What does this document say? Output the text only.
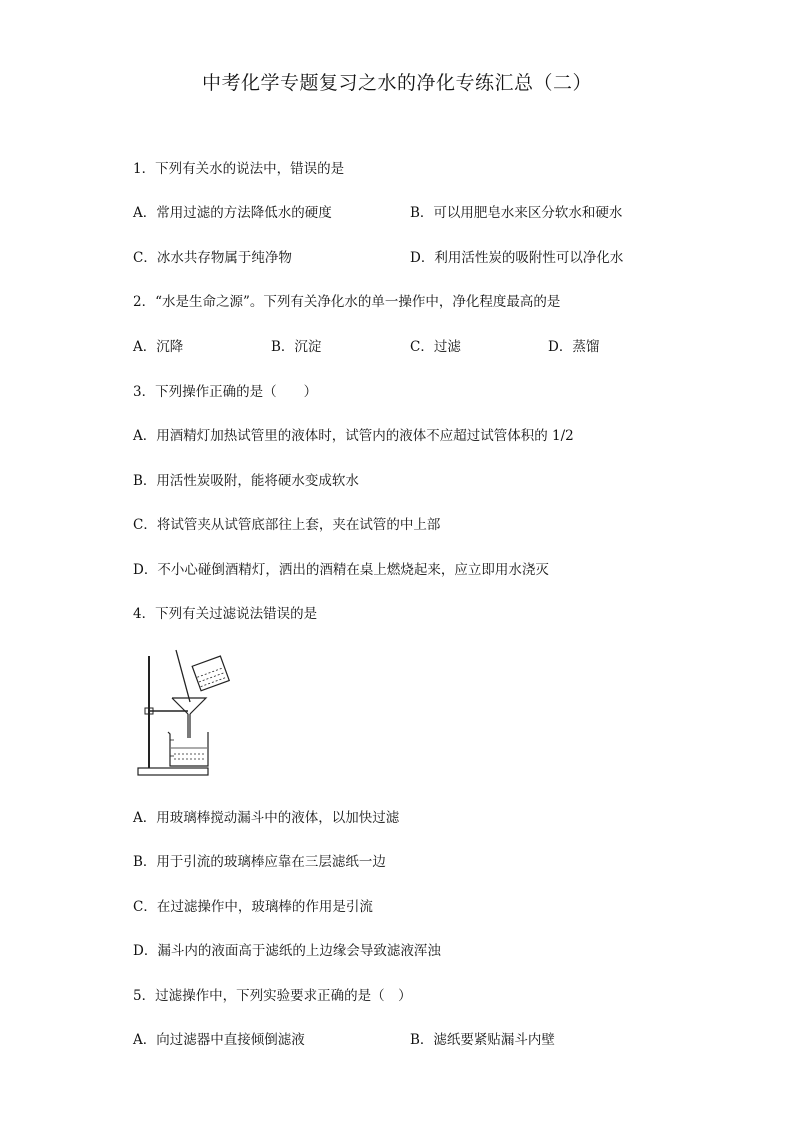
中考化学专题复习之水的净化专练汇总（二）
1．下列有关水的说法中，错误的是
A．常用过滤的方法降低水的硬度	B．可以用肥皂水来区分软水和硬水
C．冰水共存物属于纯净物	D．利用活性炭的吸附性可以净化水
2．“水是生命之源”。下列有关净化水的单一操作中，净化程度最高的是
A．沉降	B．沉淀	C．过滤	D．蒸馏
3．下列操作正确的是（　　）
A．用酒精灯加热试管里的液体时，试管内的液体不应超过试管体积的 1/2
B．用活性炭吸附，能将硬水变成软水
C．将试管夹从试管底部往上套，夹在试管的中上部
D．不小心碰倒酒精灯，洒出的酒精在桌上燃烧起来，应立即用水浇灭
4．下列有关过滤说法错误的是
A．用玻璃棒搅动漏斗中的液体，以加快过滤
B．用于引流的玻璃棒应靠在三层滤纸一边
C．在过滤操作中，玻璃棒的作用是引流
D．漏斗内的液面高于滤纸的上边缘会导致滤液浑浊
5．过滤操作中，下列实验要求正确的是（　）
A．向过滤器中直接倾倒滤液	B．滤纸要紧贴漏斗内壁
